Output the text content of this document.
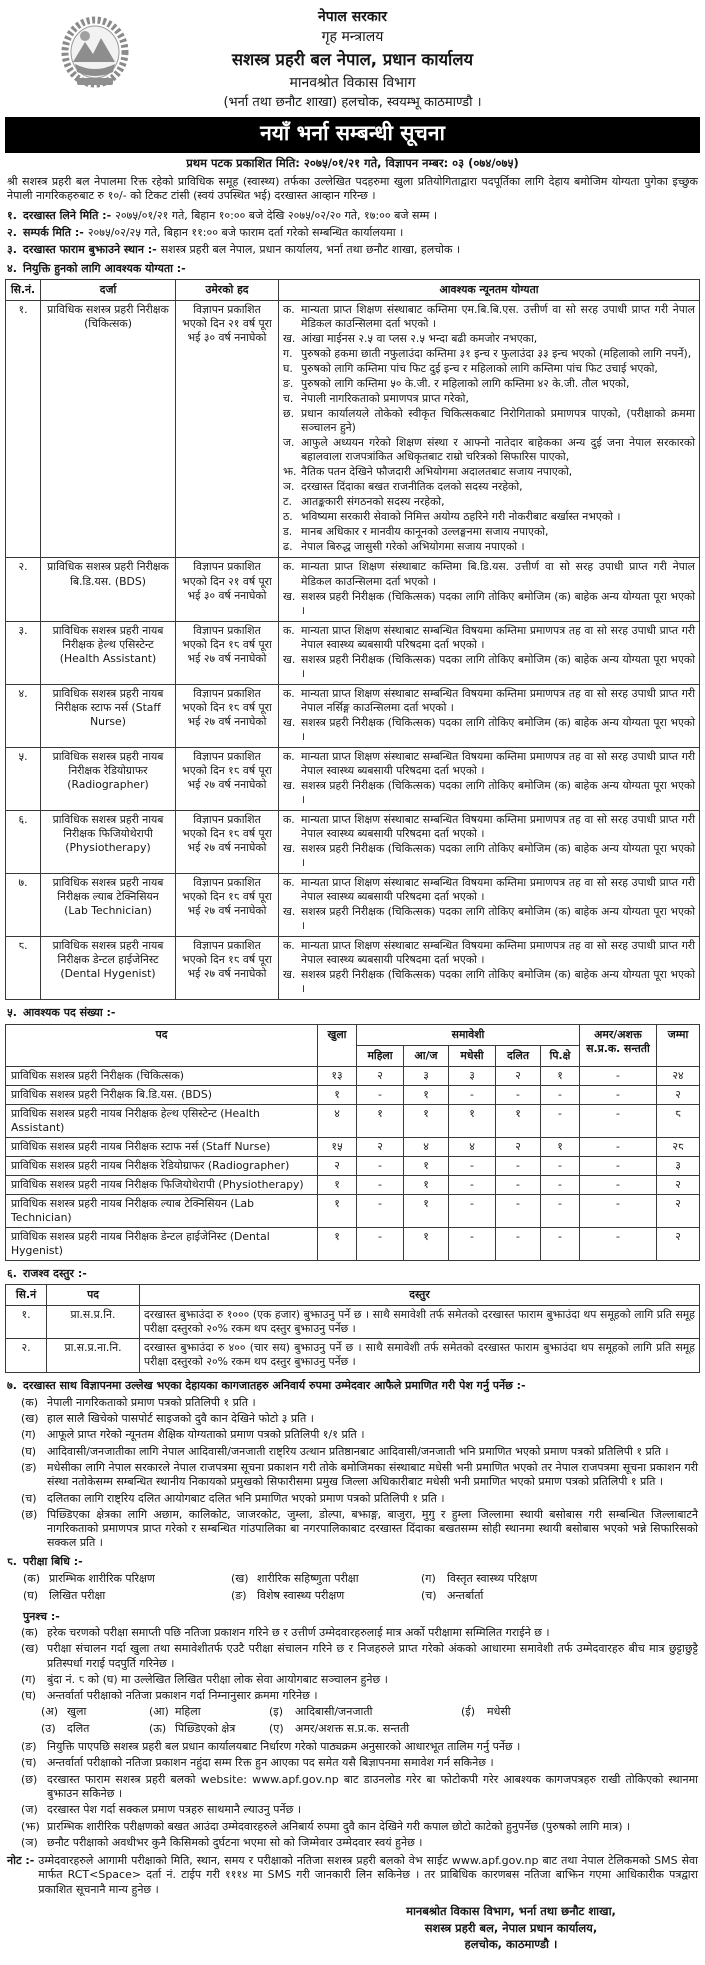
नेपाल सरकार
गृह मन्त्रालय
सशस्त्र प्रहरी बल नेपाल, प्रधान कार्यालय
मानवश्रोत विकास विभाग
(भर्ना तथा छनौट शाखा) हलचोक, स्वयम्भू काठमाण्डौ ।
नयाँ भर्ना सम्बन्धी सूचना
प्रथम पटक प्रकाशित मिति: २०७५/०१/२१ गते, विज्ञापन नम्बर: ०३ (०७४/०७५)
श्री सशस्त्र प्रहरी बल नेपालमा रिक्त रहेको प्राविधिक समूह (स्वास्थ्य) तर्फका उल्लेखित पदहरुमा खुला प्रतियोगिताद्वारा पदपूर्तिका लागि देहाय बमोजिम योग्यता पुगेका इच्छुक नेपाली नागरिकहरुबाट रु १०/- को टिकट टांसी (स्वयं उपस्थित भई) दरखास्त आव्हान गरिन्छ ।
१. दरखास्त लिने मिति :- २०७५/०१/२१ गते, बिहान १०:०० बजे देखि २०७५/०२/२० गते, १७:०० बजे सम्म ।
२. सम्पर्क मिति :- २०७५/०२/२५ गते, बिहान ११:०० बजे फाराम दर्ता गरेको सम्बन्धित कार्यालयमा ।
३. दरखास्त फाराम बुझाउने स्थान :- सशस्त्र प्रहरी बल नेपाल, प्रधान कार्यालय, भर्ना तथा छनौट शाखा, हलचोक ।
४. नियुक्ति हुनको लागि आवश्यक योग्यता :-
सि.नं.	दर्जा	उमेरको हद	आवश्यक न्यूनतम योग्यता
१.	प्राविधिक सशस्त्र प्रहरी निरीक्षक (चिकित्सक)	विज्ञापन प्रकाशित भएको दिन २१ वर्ष पूरा भई ३० वर्ष ननाघेको	
क. मान्यता प्राप्त शिक्षण संस्थाबाट कम्तिमा एम.बि.बि.एस. उत्तीर्ण वा सो सरह उपाधी प्राप्त गरी नेपाल मेडिकल काउन्सिलमा दर्ता भएको ।
ख. आंखा माईनस २.५ वा प्लस २.५ भन्दा बढी कमजोर नभएका,
ग. पुरुषको हकमा छाती नफुलाउंदा कम्तिमा ३१ इन्च र फुलाउंदा ३३ इन्च भएको (महिलाको लागि नपर्ने),
घ. पुरुषको लागि कम्तिमा पांच फिट दुई इन्च र महिलाको लागि कम्तिमा पांच फिट उचाई भएको,
ङ. पुरुषको लागि कम्तिमा ५० के.जी. र महिलाको लागि कम्तिमा ४२ के.जी. तौल भएको,
च. नेपाली नागरिकताको प्रमाणपत्र प्राप्त गरेको,
छ. प्रधान कार्यालयले तोकेको स्वीकृत चिकित्सकबाट निरोगिताको प्रमाणपत्र पाएको, (परीक्षाको क्रममा सञ्चालन हुने)
ज. आफुले अध्ययन गरेको शिक्षण संस्था र आफ्नो नातेदार बाहेकका अन्य दुई जना नेपाल सरकारको बहालवाला राजपत्रांकित अधिकृतबाट राम्रो चरित्रको सिफारिस पाएको,
झ. नैतिक पतन देखिने फौजदारी अभियोगमा अदालतबाट सजाय नपाएको,
ञ. दरखास्त दिंदाका बखत राजनीतिक दलको सदस्य नरहेको,
ट. आतङ्ककारी संगठनको सदस्य नरहेको,
ठ. भविष्यमा सरकारी सेवाको निमित्त अयोग्य ठहरिने गरी नोकरीबाट बर्खास्त नभएको ।
ड. मानब अधिकार र मानवीय कानूनको उल्लङ्घनमा सजाय नपाएको,
ढ. नेपाल बिरुद्ध जासुसी गरेको अभियोगमा सजाय नपाएको ।

२.	प्राविधिक सशस्त्र प्रहरी निरीक्षक बि.डि.यस. (BDS)	विज्ञापन प्रकाशित भएको दिन २१ वर्ष पूरा भई ३० वर्ष ननाघेको	क. मान्यता प्राप्त शिक्षण संस्थाबाट कम्तिमा बि.डि.यस. उत्तीर्ण वा सो सरह उपाधी प्राप्त गरी नेपाल मेडिकल काउन्सिलमा दर्ता भएको ।
ख. सशस्त्र प्रहरी निरीक्षक (चिकित्सक) पदका लागि तोकिए बमोजिम (क) बाहेक अन्य योग्यता पूरा भएको ।

३.	प्राविधिक सशस्त्र प्रहरी नायब निरीक्षक हेल्थ एसिस्टेन्ट (Health Assistant)	विज्ञापन प्रकाशित भएको दिन १८ वर्ष पूरा भई २७ वर्ष ननाघेको	क. मान्यता प्राप्त शिक्षण संस्थाबाट सम्बन्धित विषयमा कम्तिमा प्रमाणपत्र तह वा सो सरह उपाधी प्राप्त गरी नेपाल स्वास्थ्य ब्यबसायी परिषदमा दर्ता भएको ।
ख. सशस्त्र प्रहरी निरीक्षक (चिकित्सक) पदका लागि तोकिए बमोजिम (क) बाहेक अन्य योग्यता पूरा भएको ।

४.	प्राविधिक सशस्त्र प्रहरी नायब निरीक्षक स्टाफ नर्स (Staff Nurse)	विज्ञापन प्रकाशित भएको दिन १८ वर्ष पूरा भई २७ वर्ष ननाघेको	क. मान्यता प्राप्त शिक्षण संस्थाबाट सम्बन्धित विषयमा कम्तिमा प्रमाणपत्र तह वा सो सरह उपाधी प्राप्त गरी नेपाल नर्सिङ्ग काउन्सिलमा दर्ता भएको ।
ख. सशस्त्र प्रहरी निरीक्षक (चिकित्सक) पदका लागि तोकिए बमोजिम (क) बाहेक अन्य योग्यता पूरा भएको ।

५.	प्राविधिक सशस्त्र प्रहरी नायब निरीक्षक रेडियोग्राफर (Radiographer)	विज्ञापन प्रकाशित भएको दिन १८ वर्ष पूरा भई २७ वर्ष ननाघेको	क. मान्यता प्राप्त शिक्षण संस्थाबाट सम्बन्धित विषयमा कम्तिमा प्रमाणपत्र तह वा सो सरह उपाधी प्राप्त गरी नेपाल स्वास्थ्य ब्यबसायी परिषदमा दर्ता भएको ।
ख. सशस्त्र प्रहरी निरीक्षक (चिकित्सक) पदका लागि तोकिए बमोजिम (क) बाहेक अन्य योग्यता पूरा भएको ।

६.	प्राविधिक सशस्त्र प्रहरी नायब निरीक्षक फिजियोथेरापी (Physiotherapy)	विज्ञापन प्रकाशित भएको दिन १८ वर्ष पूरा भई २७ वर्ष ननाघेको	क. मान्यता प्राप्त शिक्षण संस्थाबाट सम्बन्धित विषयमा कम्तिमा प्रमाणपत्र तह वा सो सरह उपाधी प्राप्त गरी नेपाल स्वास्थ्य ब्यबसायी परिषदमा दर्ता भएको ।
ख. सशस्त्र प्रहरी निरीक्षक (चिकित्सक) पदका लागि तोकिए बमोजिम (क) बाहेक अन्य योग्यता पूरा भएको ।

७.	प्राविधिक सशस्त्र प्रहरी नायब निरीक्षक ल्याब टेक्निसियन (Lab Technician)	विज्ञापन प्रकाशित भएको दिन १८ वर्ष पूरा भई २७ वर्ष ननाघेको	क. मान्यता प्राप्त शिक्षण संस्थाबाट सम्बन्धित विषयमा कम्तिमा प्रमाणपत्र तह वा सो सरह उपाधी प्राप्त गरी नेपाल स्वास्थ्य ब्यबसायी परिषदमा दर्ता भएको ।
ख. सशस्त्र प्रहरी निरीक्षक (चिकित्सक) पदका लागि तोकिए बमोजिम (क) बाहेक अन्य योग्यता पूरा भएको ।

८.	प्राविधिक सशस्त्र प्रहरी नायब निरीक्षक डेन्टल हाईजेनिस्ट (Dental Hygenist)	विज्ञापन प्रकाशित भएको दिन १८ वर्ष पूरा भई २७ वर्ष ननाघेको	क. मान्यता प्राप्त शिक्षण संस्थाबाट सम्बन्धित विषयमा कम्तिमा प्रमाणपत्र तह वा सो सरह उपाधी प्राप्त गरी नेपाल स्वास्थ्य ब्यबसायी परिषदमा दर्ता भएको ।
ख. सशस्त्र प्रहरी निरीक्षक (चिकित्सक) पदका लागि तोकिए बमोजिम (क) बाहेक अन्य योग्यता पूरा भएको ।
५. आवश्यक पद संख्या :-
पद	खुला	समावेशी					अमर/अशक्त स.प्र.क. सन्तती	जम्मा
		महिला	आ/ज	मधेसी	दलित	पि.क्षे		
प्राविधिक सशस्त्र प्रहरी निरीक्षक (चिकित्सक)	१३	२	३	३	२	१	-	२४
प्राविधिक सशस्त्र प्रहरी निरीक्षक बि.डि.यस. (BDS)	१	-	१	-	-	-	-	२
प्राविधिक सशस्त्र प्रहरी नायब निरीक्षक हेल्थ एसिस्टेन्ट (Health Assistant)	४	१	१	१	१	-	-	८
प्राविधिक सशस्त्र प्रहरी नायब निरीक्षक स्टाफ नर्स (Staff Nurse)	१५	२	४	४	२	१	-	२८
प्राविधिक सशस्त्र प्रहरी नायब निरीक्षक रेडियोग्राफर (Radiographer)	२	-	१	-	-	-	-	३
प्राविधिक सशस्त्र प्रहरी नायब निरीक्षक फिजियोथेरापी (Physiotherapy)	१	-	१	-	-	-	-	२
प्राविधिक सशस्त्र प्रहरी नायब निरीक्षक ल्याब टेक्निसियन (Lab Technician)	१	-	१	-	-	-	-	२
प्राविधिक सशस्त्र प्रहरी नायब निरीक्षक डेन्टल हाईजेनिस्ट (Dental Hygenist)	१	-	१	-	-	-	-	२
६. राजश्व दस्तुर :-
सि.नं	पद	दस्तुर
१.	प्रा.स.प्र.नि.	दरखास्त बुझाउंदा रु १००० (एक हजार) बुझाउनु पर्ने छ । साथै समावेशी तर्फ समेतको दरखास्त फाराम बुझाउंदा थप समूहको लागि प्रति समूह परीक्षा दस्तुरको २०% रकम थप दस्तुर बुझाउनु पर्नेछ ।
२.	प्रा.स.प्र.ना.नि.	दरखास्त बुझाउंदा रु ४०० (चार सय) बुझाउनु पर्ने छ । साथै समावेशी तर्फ समेतको दरखास्त फाराम बुझाउंदा थप समूहको लागि प्रति समूह परीक्षा दस्तुरको २०% रकम थप दस्तुर बुझाउनु पर्नेछ ।
७. दरखास्त साथ विज्ञापनमा उल्लेख भएका देहायका कागजातहरु अनिवार्य रुपमा उम्मेदवार आफैले प्रमाणित गरी पेश गर्नु पर्नेछ :-
(क) नेपाली नागरिकताको प्रमाण पत्रको प्रतिलिपी १ प्रति ।
(ख) हाल सालै खिचेको पासपोर्ट साइजको दुवै कान देखिने फोटो ३ प्रति ।
(ग)	आफूले प्राप्त गरेको न्यूनतम शैक्षिक योग्यताको प्रमाण पत्रको प्रतिलिपी १/१ प्रति ।
(घ) आदिवासी/जनजातीका लागि नेपाल आदिवासी/जनजाती राष्ट्रिय उत्थान प्रतिष्ठानबाट आदिवासी/जनजाती भनि प्रमाणित भएको प्रमाण पत्रको प्रतिलिपी १ प्रति ।
(ङ) मधेसीका लागि नेपाल सरकारले नेपाल राजपत्रमा सूचना प्रकाशन गरी तोके बमोजिमका संस्थाबाट मधेसी भनी प्रमाणित भएको तर नेपाल राजपत्रमा सूचना प्रकाशन गरी संस्था नतोकेसम्म सम्बन्धित स्थानीय निकायको प्रमुखको सिफारीसमा प्रमुख जिल्ला अधिकारीबाट मधेसी भनी प्रमाणित भएको प्रमाण पत्रको प्रतिलिपी १ प्रति ।
(च) दलितका लागि राष्ट्रिय दलित आयोगबाट दलित भनि प्रमाणित भएको प्रमाण पत्रको प्रतिलिपी १ प्रति ।
(छ) पिछ्डिएका क्षेत्रका लागि अछाम, कालिकोट, जाजरकोट, जुम्ला, डोल्पा, बझाङ्ग, बाजुरा, मुगु र हुम्ला जिल्लामा स्थायी बसोबास गरी सम्बन्धित जिल्लाबाटनै नागरिकताको प्रमाणपत्र प्राप्त गरेको र सम्बन्धित गांउपालिका बा नगरपालिकाबाट दरखास्त दिंदाका बखतसम्म सोही स्थानमा स्थायी बसोबास भएको भन्ने सिफारिसको सक्कल प्रति ।
८. परीक्षा बिधि :-
(क) प्रारम्भिक शारीरिक परिक्षण	(ख) शारीरिक सहिष्णुता परीक्षा	(ग)	विस्तृत स्वास्थ्य परिक्षण
(घ) लिखित परीक्षा	(ङ) विशेष स्वास्थ्य परीक्षण	(च) अन्तर्बार्ता
पुनश्च :-
(क) हरेक चरणको परीक्षा समाप्ती पछि नतिजा प्रकाशन गरिने छ र उत्तीर्ण उम्मेदवारहरुलाई मात्र अर्को परीक्षामा सम्मिलित गराईने छ ।
(ख) परीक्षा संचालन गर्दा खुला तथा समावेशीतर्फ एउटै परीक्षा संचालन गरिने छ र निजहरुले प्राप्त गरेको अंकको आधारमा समावेशी तर्फ उम्मेदवारहरु बीच मात्र छुट्टाछुट्टै प्रतिस्पर्धा गराई पदपुर्ति गरिनेछ ।
(ग)	बुंदा नं. ८ को (घ) मा उल्लेखित लिखित परीक्षा लोक सेवा आयोगबाट सञ्चालन हुनेछ ।
(घ) अन्तर्वार्ता परीक्षाको नतिजा प्रकाशन गर्दा निम्नानुसार क्रममा गरिनेछ ।
(अ) खुला	(आ) महिला	(इ)	आदिबासी/जनजाती	(ई)	मधेसी
(उ)	दलित	(ऊ) पिछ्डिएको क्षेत्र	(ए)	अमर/अशक्त स.प्र.क. सन्तती
(ङ) नियुक्ति पाएपछि सशस्त्र प्रहरी बल प्रधान कार्यालयबाट निर्धारण गरेको पाठ्यक्रम अनुसारको आधारभूत तालिम गर्नु पर्नेछ ।
(च) अन्तर्वार्ता परीक्षाको नतिजा प्रकाशन नहुंदा सम्म रिक्त हुन आएका पद समेत यसै बिज्ञापनमा समावेश गर्न सकिनेछ ।
(छ) दरखास्त फाराम सशस्त्र प्रहरी बलको website: www.apf.gov.np बाट डाउनलोड गरेर बा फोटोकपी गरेर आबश्यक कागजपत्रहरु राखी तोकिएको स्थानमा बुझाउन सकिनेछ ।
(ज) दरखास्त पेश गर्दा सक्कल प्रमाण पत्रहरु साथमानै ल्याउनु पर्नेछ ।
(झ) प्रारम्भिक शारीरिक परीक्षणको बखत आउंदा उम्मेदवारहरुले अनिबार्य रुपमा दुवै कान देखिने गरी कपाल छोटो काटेको हुनुपर्नेछ (पुरुषको लागि मात्र) ।
(ञ) छनौट परीक्षाको अवधीभर कुनै किसिमको दुर्घटना भएमा सो को जिम्मेवार उम्मेदवार स्वयं हुनेछ ।
नोट :- उम्मेदवारहरुले आगामी परीक्षाको मिति, स्थान, समय र परीक्षाको नतिजा सशस्त्र प्रहरी बलको वेभ साईट www.apf.gov.np बाट तथा नेपाल टेलिकमको SMS सेवा मार्फत RCT<Space> दर्ता नं. टाईप गरी १११४ मा SMS गरी जानकारी लिन सकिनेछ । तर प्राबिधिक कारणबस नतिजा बाझिन गएमा आधिकारीक पत्रद्वारा प्रकाशित सूचनानै मान्य हुनेछ ।
मानबश्रोत विकास विभाग, भर्ना तथा छनौट शाखा,
सशस्त्र प्रहरी बल, नेपाल प्रधान कार्यालय,
हलचोक, काठमाण्डौ ।
